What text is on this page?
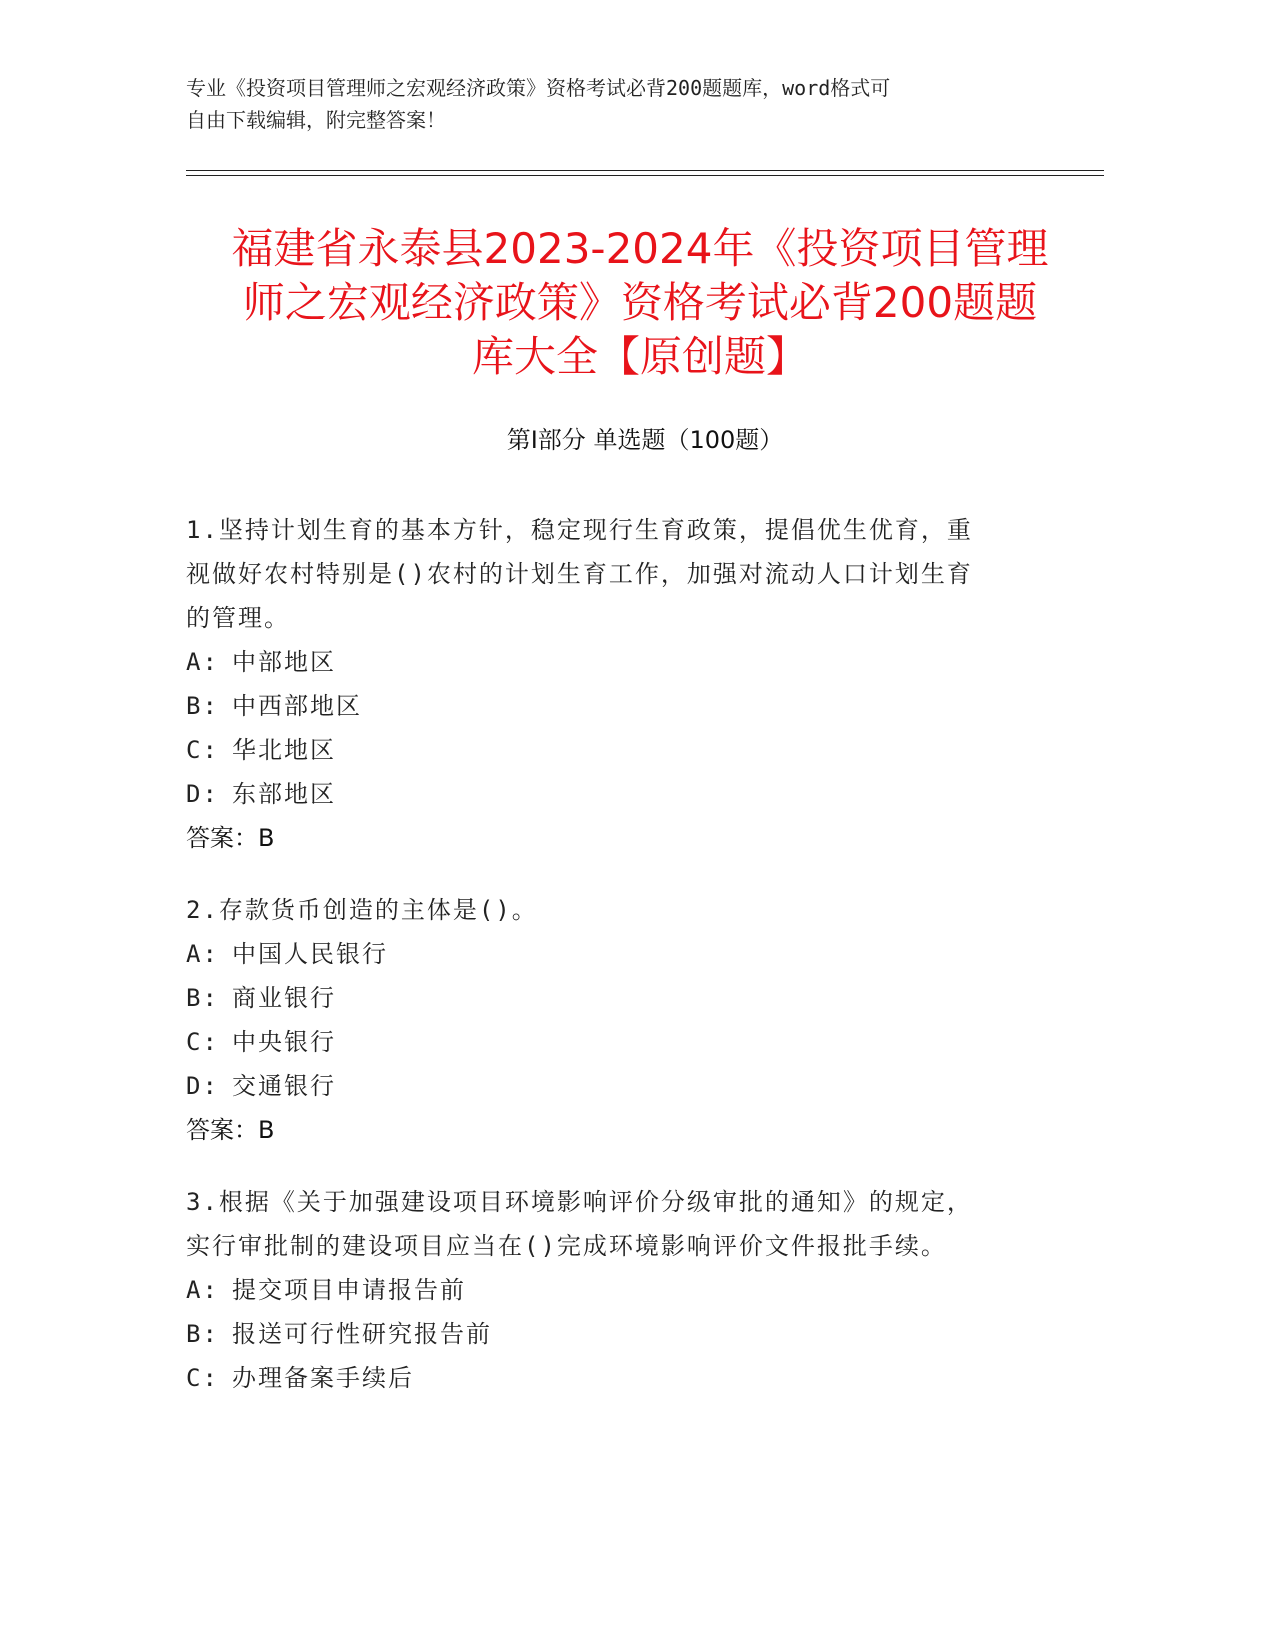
专业《投资项目管理师之宏观经济政策》资格考试必背200题题库，word格式可
自由下载编辑，附完整答案！
福建省永泰县2023-2024年《投资项目管理
师之宏观经济政策》资格考试必背200题题
库大全【原创题】
第I部分 单选题（100题）
1.坚持计划生育的基本方针，稳定现行生育政策，提倡优生优育，重
视做好农村特别是()农村的计划生育工作，加强对流动人口计划生育
的管理。
A: 中部地区
B: 中西部地区
C: 华北地区
D: 东部地区
答案：B
2.存款货币创造的主体是()。
A: 中国人民银行
B: 商业银行
C: 中央银行
D: 交通银行
答案：B
3.根据《关于加强建设项目环境影响评价分级审批的通知》的规定，
实行审批制的建设项目应当在()完成环境影响评价文件报批手续。
A: 提交项目申请报告前
B: 报送可行性研究报告前
C: 办理备案手续后
